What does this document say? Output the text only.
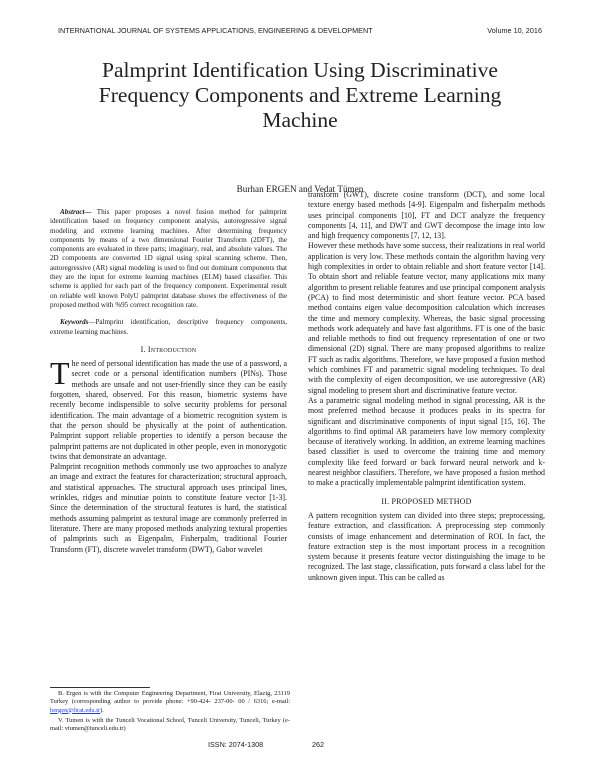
INTERNATIONAL JOURNAL OF SYSTEMS APPLICATIONS, ENGINEERING & DEVELOPMENT	Volume 10, 2016
Palmprint Identification Using Discriminative
Frequency Components and Extreme Learning
Machine
Burhan ERGEN and Vedat Tümen

Abstract— This paper proposes a novel fusion method for palmprint identification based on frequency component analysis, autoregressive signal modeling and extreme learning machines. After determining frequency components by means of a two dimensional Fourier Transform (2DFT), the components are evaluated in three parts; imaginary, real, and absolute values. The 2D components are converted 1D signal using spiral scanning scheme. Then, autoregressive (AR) signal modeling is used to find out dominant components that they are the input for extreme learning machines (ELM) based classifier. This scheme is applied for each part of the frequency component. Experimental result on reliable well known PolyU palmprint database shows the effectiveness of the proposed method with %95 correct recognition rate.

Keywords—Palmprint identification, descriptive frequency components, extreme learning machines.

I. Introduction

The need of personal identification has made the use of a password, a secret code or a personal identification numbers (PINs). Those methods are unsafe and not user-friendly since they can be easily forgotten, shared, observed. For this reason, biometric systems have recently become indispensible to solve security problems for personal identification. The main advantage of a biometric recognition system is that the person should be physically at the point of authentication. Palmprint support reliable properties to identify a person because the palmprint patterns are not duplicated in other people, even in monozygotic twins that demonstrate an advantage.

Palmprint recognition methods commonly use two approaches to analyze an image and extract the features for characterization; structural approach, and statistical approaches. The structural approach uses principal lines, wrinkles, ridges and minutiae points to constitute feature vector [1-3]. Since the determination of the structural features is hard, the statistical methods assuming palmprint as textural image are commonly preferred in literature. There are many proposed methods analyzing textural properties of palmprints such as Eigenpalm, Fisherpalm, traditional Fourier Transform (FT), discrete wavelet transform (DWT), Gabor wavelet

B. Ergen is with the Computer Engineering Department, Firat University, Elazig, 23119 Turkey (corresponding author to provide phone: +90-424- 237-00- 00 / 6316; e-mail: bergen@firat.edu.tr).

V. Tumen is with the Tunceli Vocational School, Tunceli University, Tunceli, Turkey (e-mail: vtumen@tunceli.edu.tr)

transform (GWT), discrete cosine transform (DCT), and some local texture energy based methods [4-9]. Eigenpalm and fisherpalm methods uses principal components [10], FT and DCT analyze the frequency components [4, 11], and DWT and GWT decompose the image into low and high frequency components [7, 12, 13].

However these methods have some success, their realizations in real world application is very low. These methods contain the algorithm having very high complexities in order to obtain reliable and short feature vector [14]. To obtain short and reliable feature vector, many applications mix many algorithm to present reliable features and use principal component analysis (PCA) to find most deterministic and short feature vector. PCA based method contains eigen value decomposition calculation which increases the time and memory complexity. Whereas, the basic signal processing methods work adequately and have fast algorithms. FT is one of the basic and reliable methods to find out frequency representation of one or two dimensional (2D) signal. There are many proposed algorithms to realize FT such as radix algorithms. Therefore, we have proposed a fusion method which combines FT and parametric signal modeling techniques. To deal with the complexity of eigen decomposition, we use autoregressive (AR) signal modeling to present short and discriminative feature vector.

As a parametric signal modeling method in signal processing, AR is the most preferred method because it produces peaks in its spectra for significant and discriminative components of input signal [15, 16]. The algorithms to find optimal AR parameters have low memory complexity because of iteratively working. In addition, an extreme learning machines based classifier is used to overcome the training time and memory complexity like feed forward or back forward neural network and k-nearest neighbor classifiers. Therefore, we have proposed a fusion method to make a practically implementable palmprint identification system.

II. PROPOSED METHOD

A pattern recognition system can divided into three steps; preprocessing, feature extraction, and classification. A preprocessing step commonly consists of image enhancement and determination of ROI. In fact, the feature extraction step is the most important process in a recognition system because it presents feature vector distinguishing the image to be recognized. The last stage, classification, puts forward a class label for the unknown given input. This can be called as

ISSN: 2074-1308	262
